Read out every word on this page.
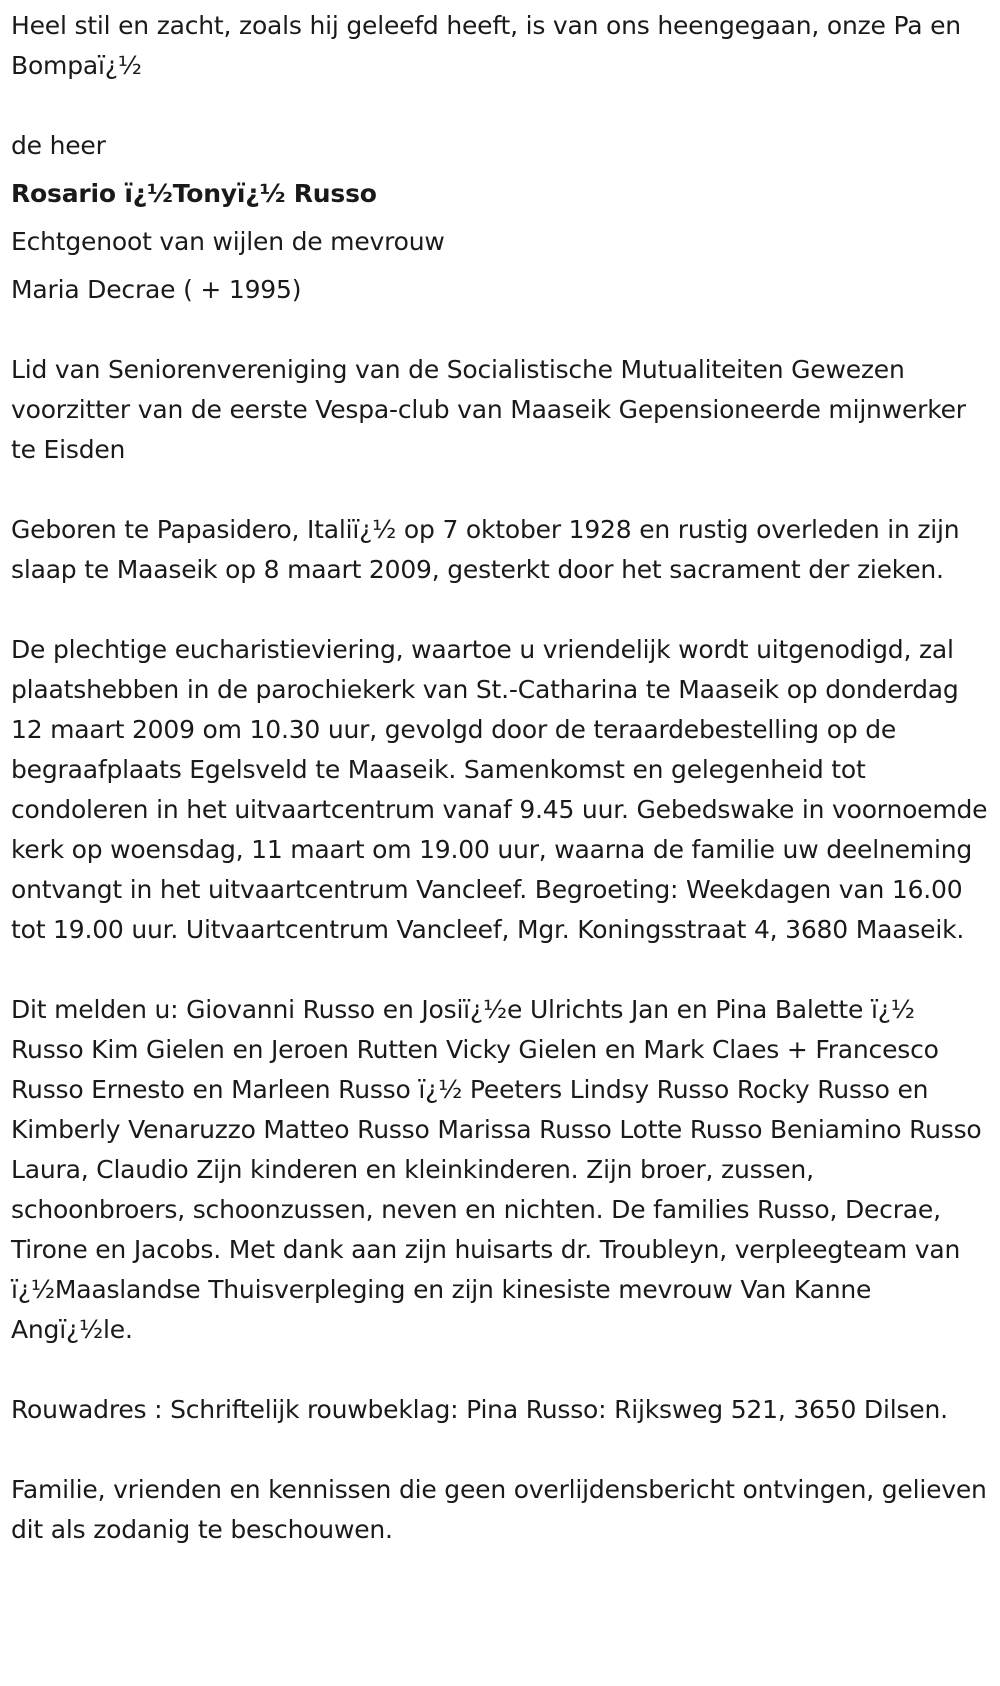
Heel stil en zacht, zoals hij geleefd heeft, is van ons heengegaan, onze Pa en Bompaï¿½

de heer

Rosario ï¿½Tonyï¿½ Russo

Echtgenoot van wijlen de mevrouw

Maria Decrae ( + 1995)

Lid van Seniorenvereniging van de Socialistische Mutualiteiten Gewezen voorzitter van de eerste Vespa-club van Maaseik Gepensioneerde mijnwerker te Eisden

Geboren te Papasidero, Italiï¿½ op 7 oktober 1928 en rustig overleden in zijn slaap te Maaseik op 8 maart 2009, gesterkt door het sacrament der zieken.

De plechtige eucharistieviering, waartoe u vriendelijk wordt uitgenodigd, zal plaatshebben in de parochiekerk van St.-Catharina te Maaseik op donderdag 12 maart 2009 om 10.30 uur, gevolgd door de teraardebestelling op de begraafplaats Egelsveld te Maaseik. Samenkomst en gelegenheid tot condoleren in het uitvaartcentrum vanaf 9.45 uur. Gebedswake in voornoemde kerk op woensdag, 11 maart om 19.00 uur, waarna de familie uw deelneming ontvangt in het uitvaartcentrum Vancleef. Begroeting: Weekdagen van 16.00 tot 19.00 uur. Uitvaartcentrum Vancleef, Mgr. Koningsstraat 4, 3680 Maaseik.

Dit melden u: Giovanni Russo en Josiï¿½e Ulrichts Jan en Pina Balette ï¿½ Russo Kim Gielen en Jeroen Rutten Vicky Gielen en Mark Claes + Francesco Russo Ernesto en Marleen Russo ï¿½ Peeters Lindsy Russo Rocky Russo en Kimberly Venaruzzo Matteo Russo Marissa Russo Lotte Russo Beniamino Russo Laura, Claudio Zijn kinderen en kleinkinderen. Zijn broer, zussen, schoonbroers, schoonzussen, neven en nichten. De families Russo, Decrae, Tirone en Jacobs. Met dank aan zijn huisarts dr. Troubleyn, verpleegteam van ï¿½Maaslandse Thuisverpleging en zijn kinesiste mevrouw Van Kanne Angï¿½le.

Rouwadres : Schriftelijk rouwbeklag: Pina Russo: Rijksweg 521, 3650 Dilsen.

Familie, vrienden en kennissen die geen overlijdensbericht ontvingen, gelieven dit als zodanig te beschouwen.
